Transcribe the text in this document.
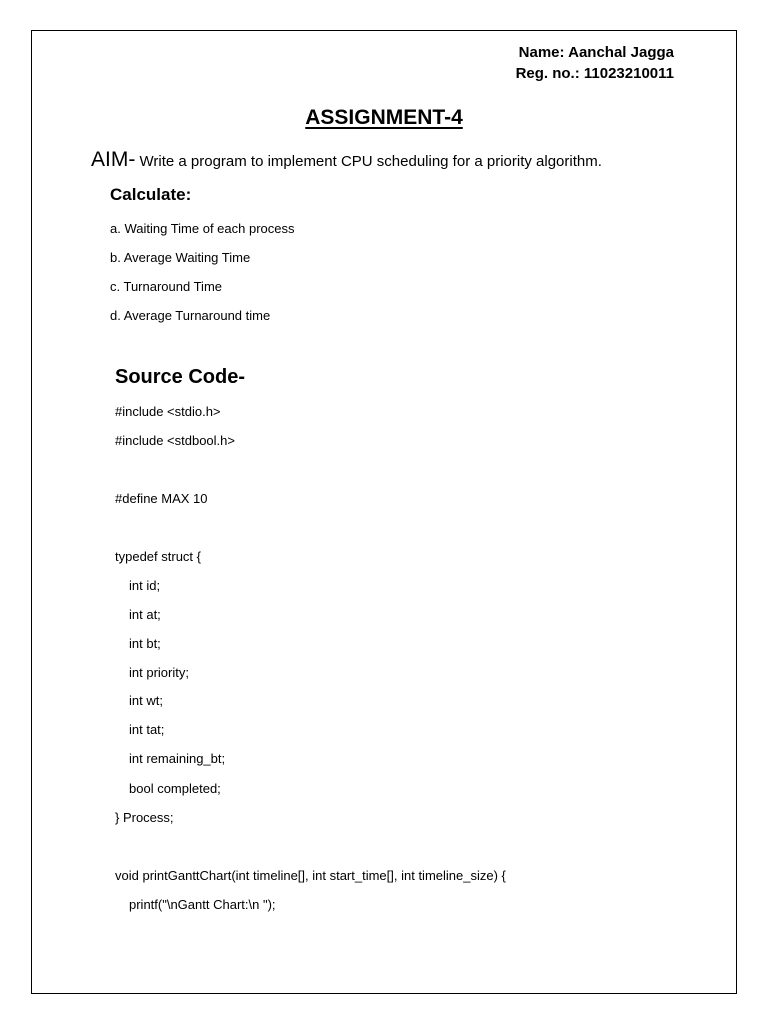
Name: Aanchal Jagga
Reg. no.: 11023210011
ASSIGNMENT-4
AIM- Write a program to implement CPU scheduling for a priority algorithm.
Calculate:
a. Waiting Time of each process
b. Average Waiting Time
c. Turnaround Time
d. Average Turnaround time
Source Code-
#include <stdio.h>
#include <stdbool.h>
#define MAX 10
typedef struct {
int id;
int at;
int bt;
int priority;
int wt;
int tat;
int remaining_bt;
bool completed;
} Process;
void printGanttChart(int timeline[], int start_time[], int timeline_size) {
printf("\nGantt Chart:\n ");
